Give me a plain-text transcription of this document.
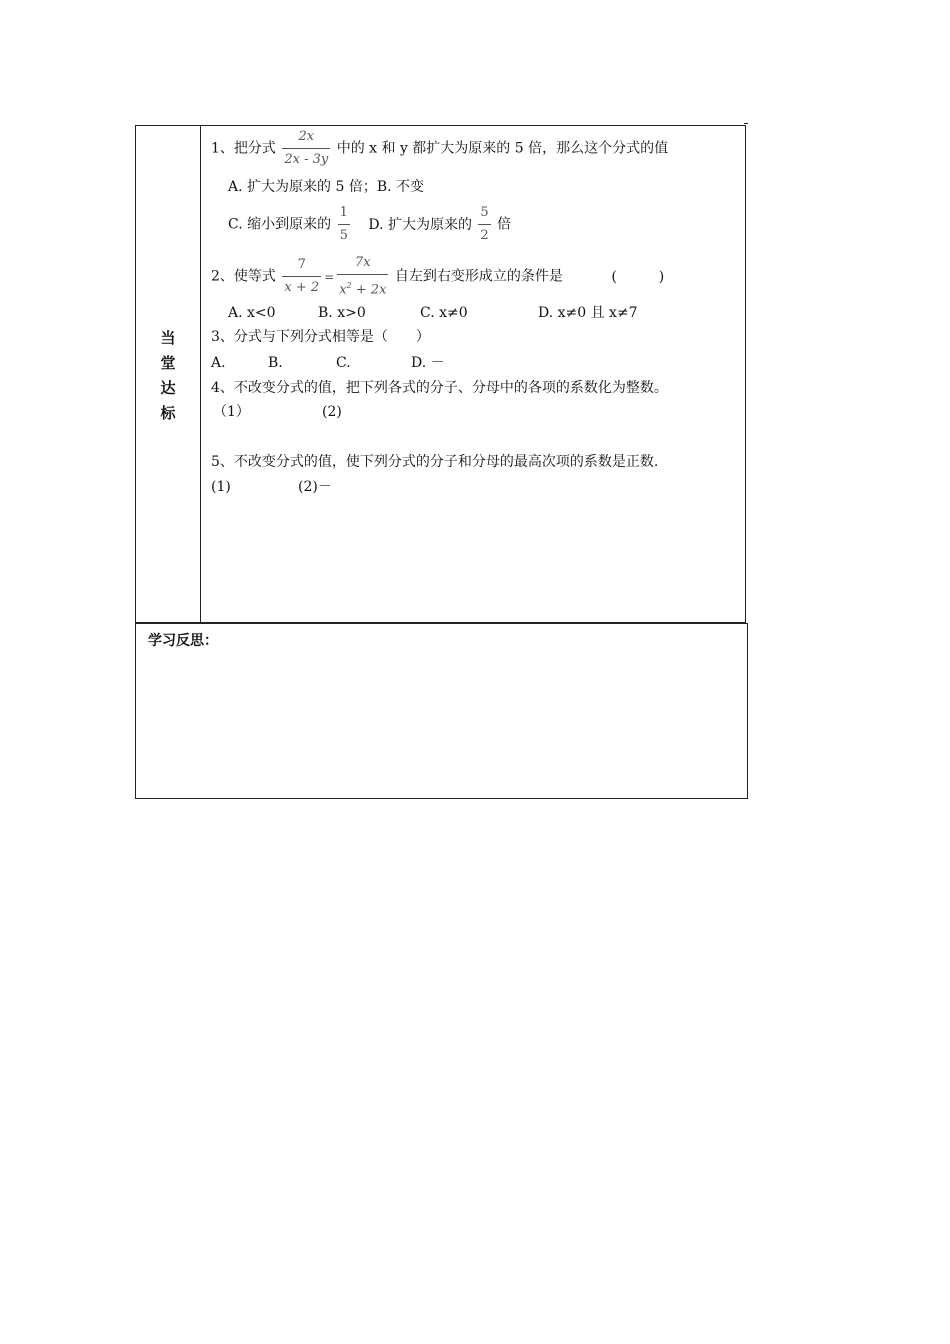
当
堂
达
标
1、把分式 $\frac{2x}{2x - 3y}$ 中的 x 和 y 都扩大为原来的 5 倍，那么这个分式的值
A. 扩大为原来的 5 倍；B. 不变
C. 缩小到原来的 $\frac{1}{5} D$. 扩大为原来的 $\frac{5}{2}$ 倍
2、使等式 $\frac{7}{x + 2} = \frac{7x}{x^2 + 2x}$ 自左到右变形成立的条件是	(　　　)
A. x<0	B. x>0	C. x≠0	D. x≠0 且 x≠7
3、分式与下列分式相等是（　　）
A.	B.	C.	D. －
4、不改变分式的值，把下列各式的分子、分母中的各项的系数化为整数。
（1）	(2)
5、不改变分式的值，使下列分式的分子和分母的最高次项的系数是正数.
(1)	(2)－
学习反思：
